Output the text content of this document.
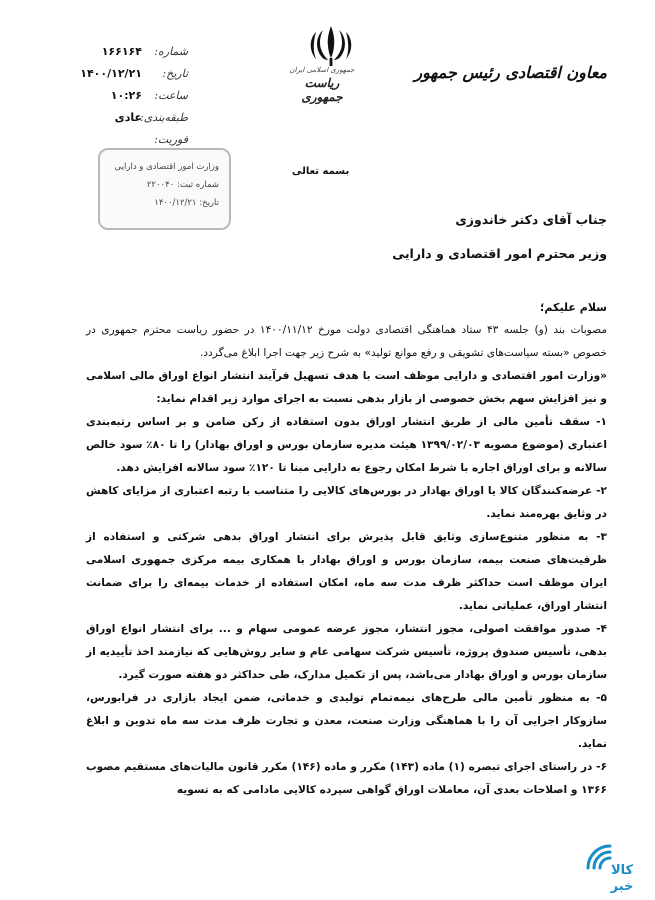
شماره:
۱۶۶۱۶۴
تاریخ:
۱۴۰۰/۱۲/۲۱
ساعت:
۱۰:۲۶
طبقه‌بندی:
عادی
فوریت:
وزارت امور اقتصادی و دارایی
شماره ثبت: ۲۲۰۰۴۰
تاریخ: ۱۴۰۰/۱۲/۲۱
جمهوری اسلامی ایران
ریاست جمهوری
معاون اقتصادی رئیس جمهور
بسمه تعالی
جناب آقای دکتر خاندوزی
وزیر محترم امور اقتصادی و دارایی

سلام علیکم؛

مصوبات بند (و) جلسه ۴۳ ستاد هماهنگی اقتصادی دولت مورخ ۱۴۰۰/۱۱/۱۲ در حضور ریاست محترم جمهوری در خصوص «بسته سیاست‌های تشویقی و رفع موانع تولید» به شرح زیر جهت اجرا ابلاغ می‌گردد.

«وزارت امور اقتصادی و دارایی موظف است با هدف تسهیل فرآیند انتشار انواع اوراق مالی اسلامی و نیز افزایش سهم بخش خصوصی از بازار بدهی نسبت به اجرای موارد زیر اقدام نماید:

۱- سقف تأمین مالی از طریق انتشار اوراق بدون استفاده از رکن ضامن و بر اساس رتبه‌بندی اعتباری (موضوع مصوبه ۱۳۹۹/۰۲/۰۳ هیئت مدیره سازمان بورس و اوراق بهادار) را تا ۸۰٪ سود خالص سالانه و برای اوراق اجاره با شرط امکان رجوع به دارایی مبنا تا ۱۲۰٪ سود سالانه افزایش دهد.

۲- عرضه‌کنندگان کالا یا اوراق بهادار در بورس‌های کالایی را متناسب با رتبه اعتباری از مزایای کاهش در وثایق بهره‌مند نماید.

۳- به منظور متنوع‌سازی وثایق قابل پذیرش برای انتشار اوراق بدهی شرکتی و استفاده از ظرفیت‌های صنعت بیمه، سازمان بورس و اوراق بهادار با همکاری بیمه مرکزی جمهوری اسلامی ایران موظف است حداکثر ظرف مدت سه ماه، امکان استفاده از خدمات بیمه‌ای را برای ضمانت انتشار اوراق، عملیاتی نماید.

۴- صدور موافقت اصولی، مجوز انتشار، مجوز عرضه عمومی سهام و ... برای انتشار انواع اوراق بدهی، تأسیس صندوق پروژه، تأسیس شرکت سهامی عام و سایر روش‌هایی که نیازمند اخذ تأییدیه از سازمان بورس و اوراق بهادار می‌باشد، پس از تکمیل مدارک، طی حداکثر دو هفته صورت گیرد.

۵- به منظور تأمین مالی طرح‌های نیمه‌تمام تولیدی و خدماتی، ضمن ایجاد بازاری در فرابورس، سازوکار اجرایی آن را با هماهنگی وزارت صنعت، معدن و تجارت ظرف مدت سه ماه تدوین و ابلاغ نماید.

۶- در راستای اجرای تبصره (۱) ماده (۱۴۳) مکرر و ماده (۱۴۶) مکرر قانون مالیات‌های مستقیم مصوب ۱۳۶۶ و اصلاحات بعدی آن، معاملات اوراق گواهی سپرده کالایی مادامی که به تسویه

کالا
خبر
